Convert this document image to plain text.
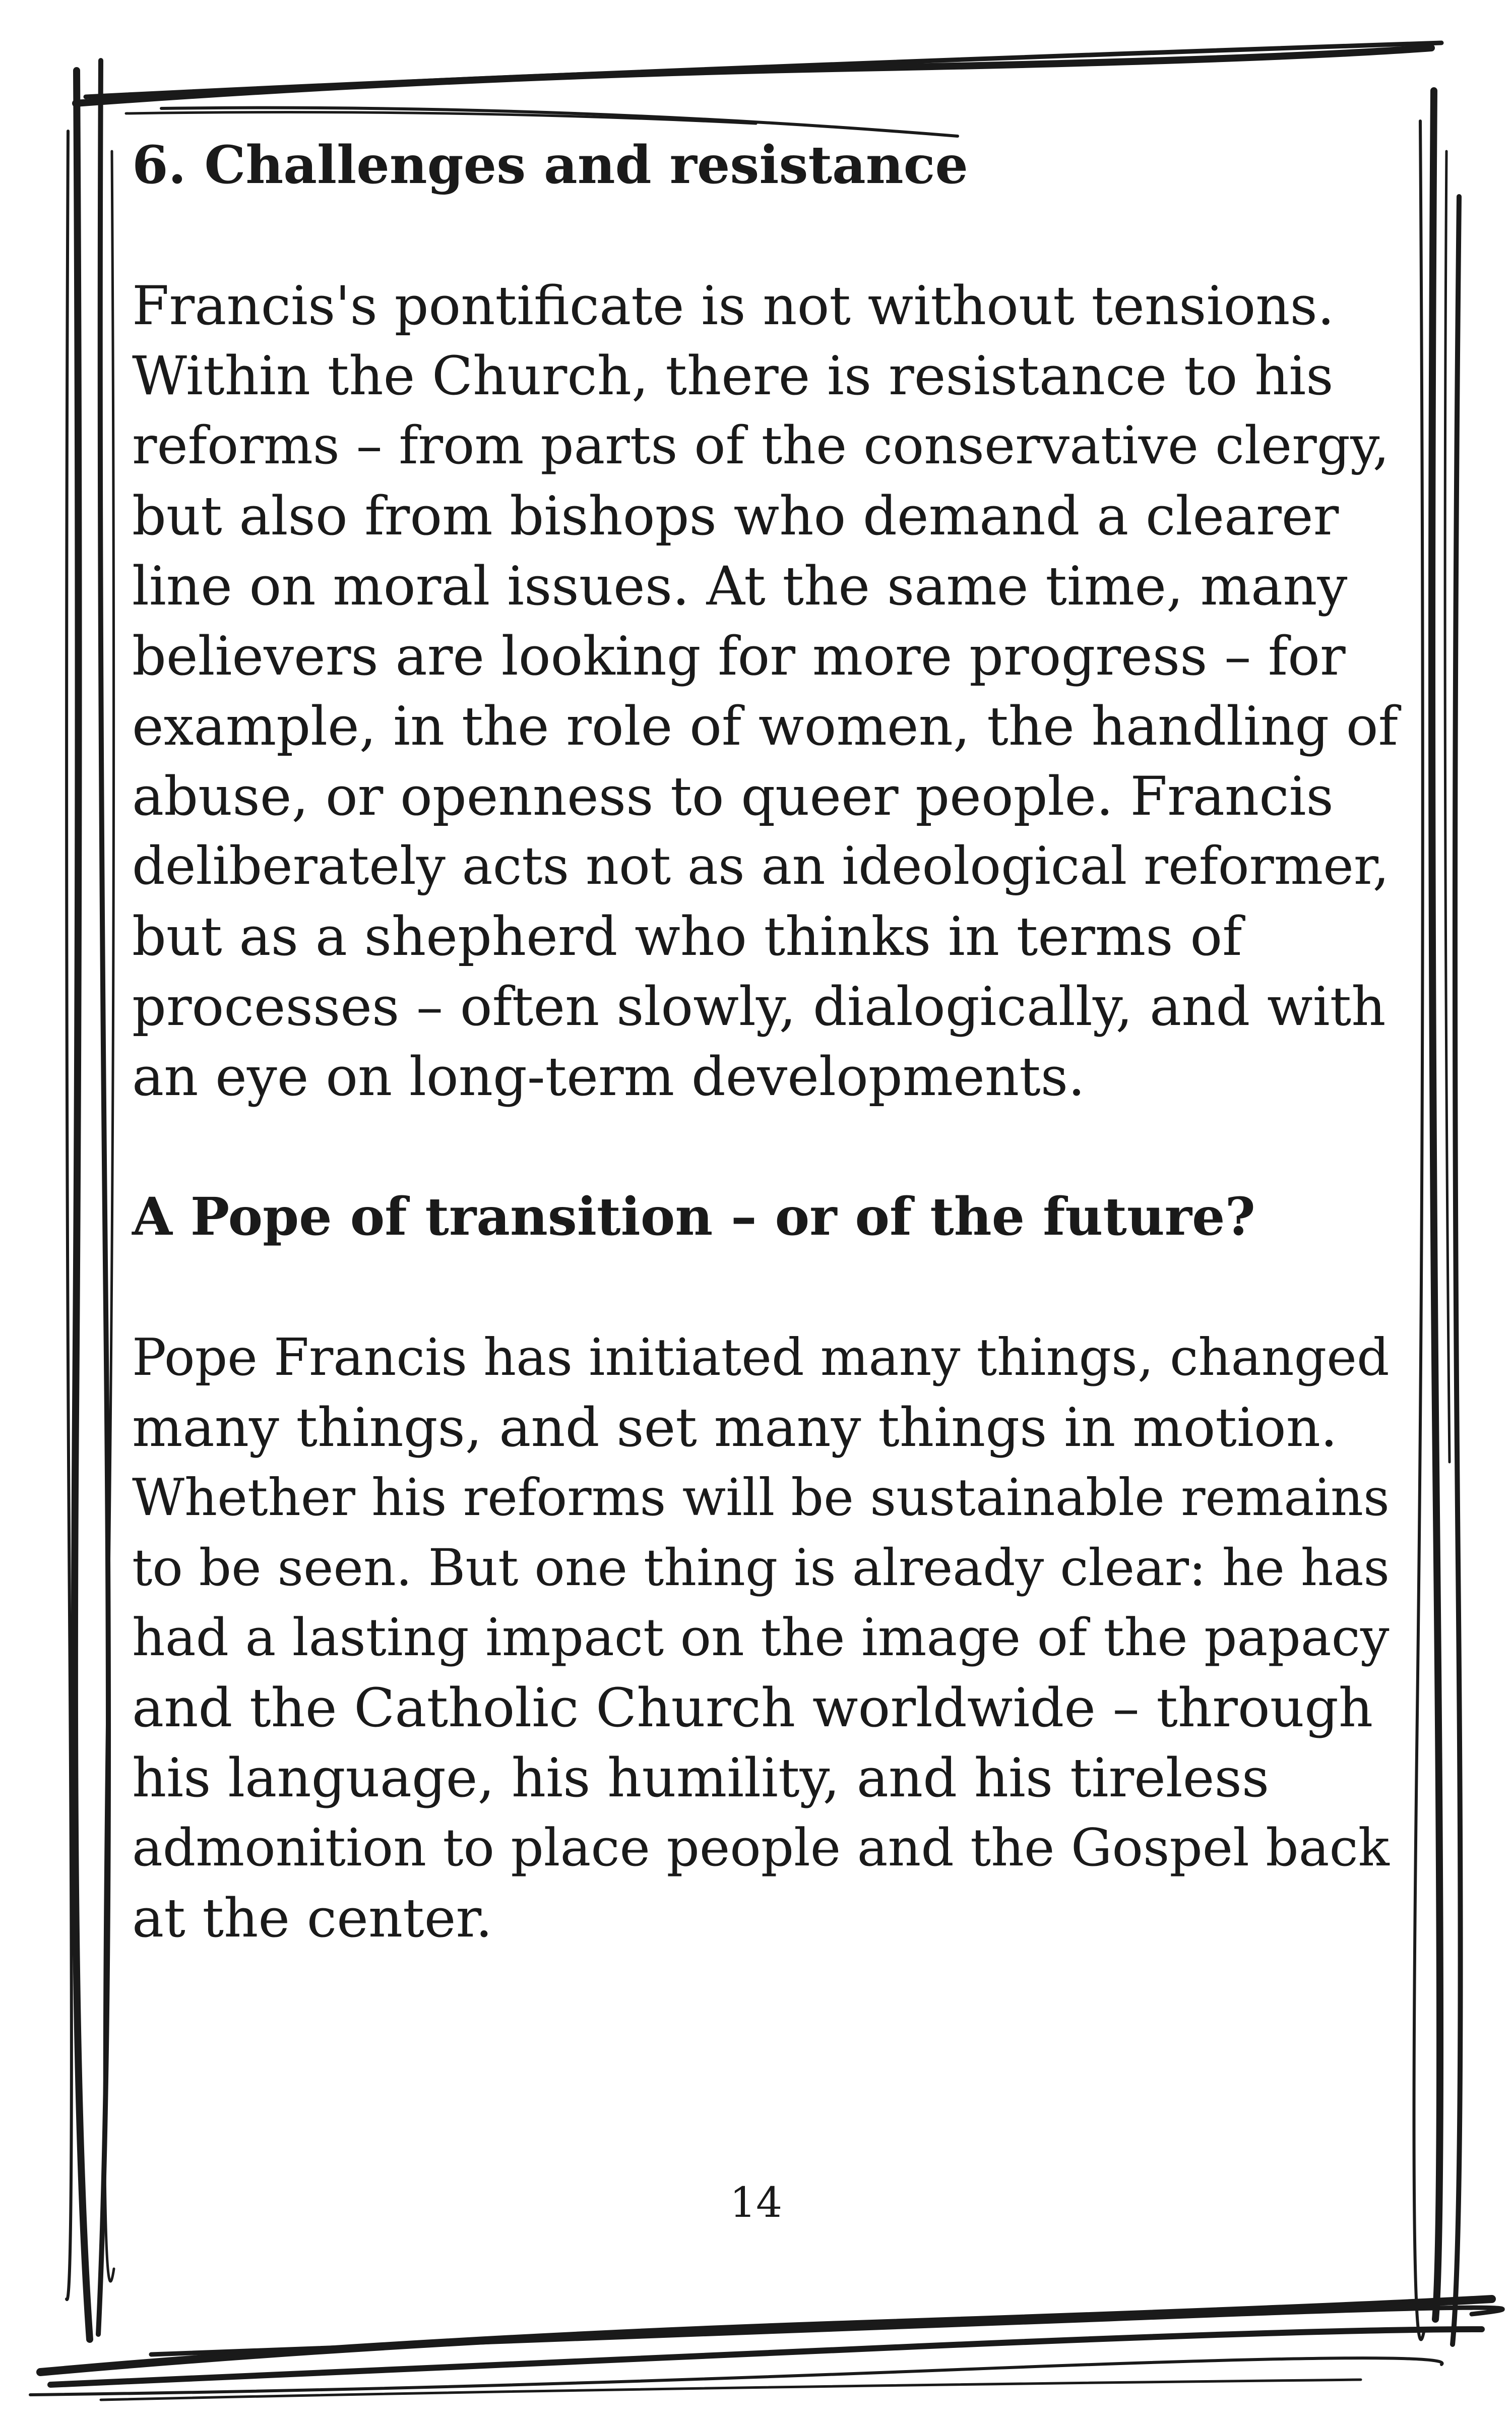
6. Challenges and resistance

Francis's pontificate is not without tensions.
Within the Church, there is resistance to his
reforms – from parts of the conservative clergy,
but also from bishops who demand a clearer
line on moral issues. At the same time, many
believers are looking for more progress – for
example, in the role of women, the handling of
abuse, or openness to queer people. Francis
deliberately acts not as an ideological reformer,
but as a shepherd who thinks in terms of
processes – often slowly, dialogically, and with
an eye on long-term developments.

A Pope of transition – or of the future?

Pope Francis has initiated many things, changed
many things, and set many things in motion.
Whether his reforms will be sustainable remains
to be seen. But one thing is already clear: he has
had a lasting impact on the image of the papacy
and the Catholic Church worldwide – through
his language, his humility, and his tireless
admonition to place people and the Gospel back
at the center.

14
